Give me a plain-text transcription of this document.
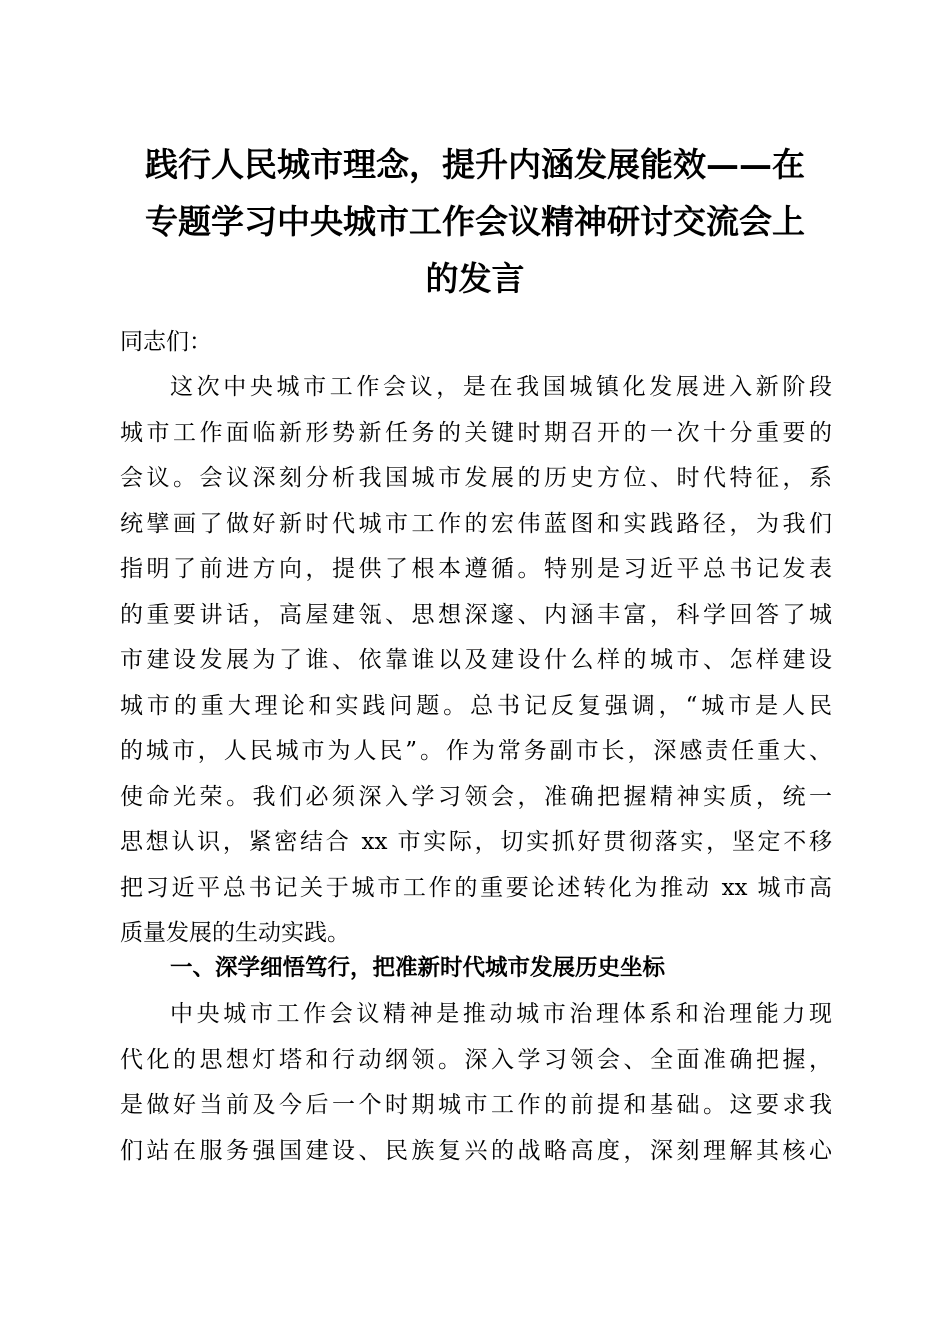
践行人民城市理念，提升内涵发展能效——在
专题学习中央城市工作会议精神研讨交流会上
的发言

同志们：

这次中央城市工作会议，是在我国城镇化发展进入新阶段
城市工作面临新形势新任务的关键时期召开的一次十分重要的
会议。会议深刻分析我国城市发展的历史方位、时代特征，系
统擘画了做好新时代城市工作的宏伟蓝图和实践路径，为我们
指明了前进方向，提供了根本遵循。特别是习近平总书记发表
的重要讲话，高屋建瓴、思想深邃、内涵丰富，科学回答了城
市建设发展为了谁、依靠谁以及建设什么样的城市、怎样建设
城市的重大理论和实践问题。总书记反复强调，“城市是人民
的城市，人民城市为人民”。作为常务副市长，深感责任重大、
使命光荣。我们必须深入学习领会，准确把握精神实质，统一
思想认识，紧密结合 xx 市实际，切实抓好贯彻落实，坚定不移
把习近平总书记关于城市工作的重要论述转化为推动 xx 城市高
质量发展的生动实践。
一、深学细悟笃行，把准新时代城市发展历史坐标
中央城市工作会议精神是推动城市治理体系和治理能力现
代化的思想灯塔和行动纲领。深入学习领会、全面准确把握，
是做好当前及今后一个时期城市工作的前提和基础。这要求我
们站在服务强国建设、民族复兴的战略高度，深刻理解其核心
